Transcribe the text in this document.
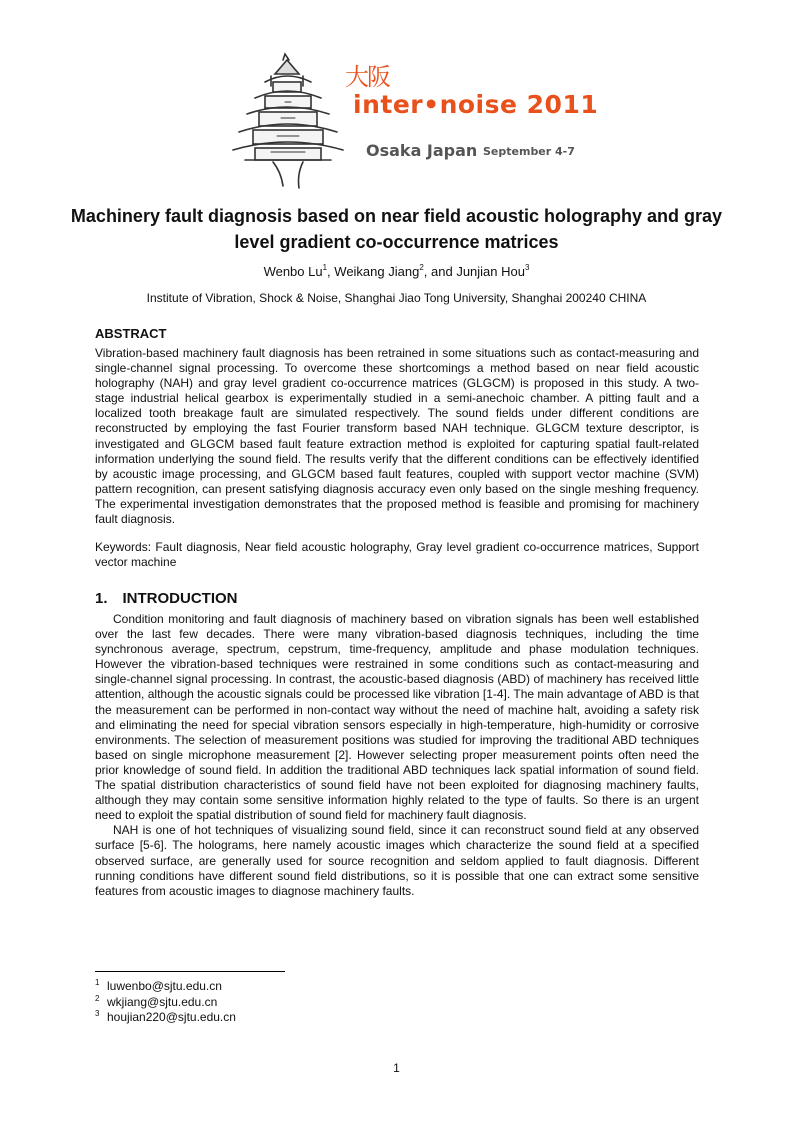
大阪
inter•noise 2011
Osaka Japan September 4-7
Machinery fault diagnosis based on near field acoustic holography and gray level gradient co-occurrence matrices
Wenbo Lu$^1$, Weikang Jiang$^2$, and Junjian Hou$^3$
Institute of Vibration, Shock & Noise, Shanghai Jiao Tong University, Shanghai 200240 CHINA
ABSTRACT
Vibration-based machinery fault diagnosis has been retrained in some situations such as contact-measuring and single-channel signal processing. To overcome these shortcomings a method based on near field acoustic holography (NAH) and gray level gradient co-occurrence matrices (GLGCM) is proposed in this study. A two-stage industrial helical gearbox is experimentally studied in a semi-anechoic chamber. A pitting fault and a localized tooth breakage fault are simulated respectively. The sound fields under different conditions are reconstructed by employing the fast Fourier transform based NAH technique. GLGCM texture descriptor, is investigated and GLGCM based fault feature extraction method is exploited for capturing spatial fault-related information underlying the sound field. The results verify that the different conditions can be effectively identified by acoustic image processing, and GLGCM based fault features, coupled with support vector machine (SVM) pattern recognition, can present satisfying diagnosis accuracy even only based on the single meshing frequency. The experimental investigation demonstrates that the proposed method is feasible and promising for machinery fault diagnosis.
Keywords: Fault diagnosis, Near field acoustic holography, Gray level gradient co-occurrence matrices, Support vector machine
1. INTRODUCTION

Condition monitoring and fault diagnosis of machinery based on vibration signals has been well established over the last few decades. There were many vibration-based diagnosis techniques, including the time synchronous average, spectrum, cepstrum, time-frequency, amplitude and phase modulation techniques. However the vibration-based techniques were restrained in some conditions such as contact-measuring and single-channel signal processing. In contrast, the acoustic-based diagnosis (ABD) of machinery has received little attention, although the acoustic signals could be processed like vibration [1-4]. The main advantage of ABD is that the measurement can be performed in non-contact way without the need of machine halt, avoiding a safety risk and eliminating the need for special vibration sensors especially in high-temperature, high-humidity or corrosive environments. The selection of measurement positions was studied for improving the traditional ABD techniques based on single microphone measurement [2]. However selecting proper measurement points often need the prior knowledge of sound field. In addition the traditional ABD techniques lack spatial information of sound field. The spatial distribution characteristics of sound field have not been exploited for diagnosing machinery faults, although they may contain some sensitive information highly related to the type of faults. So there is an urgent need to exploit the spatial distribution of sound field for machinery fault diagnosis.

NAH is one of hot techniques of visualizing sound field, since it can reconstruct sound field at any observed surface [5-6]. The holograms, here namely acoustic images which characterize the sound field at a specified observed surface, are generally used for source recognition and seldom applied to fault diagnosis. Different running conditions have different sound field distributions, so it is possible that one can extract some sensitive features from acoustic images to diagnose machinery faults.

1 luwenbo@sjtu.edu.cn
2 wkjiang@sjtu.edu.cn
3 houjian220@sjtu.edu.cn
1
